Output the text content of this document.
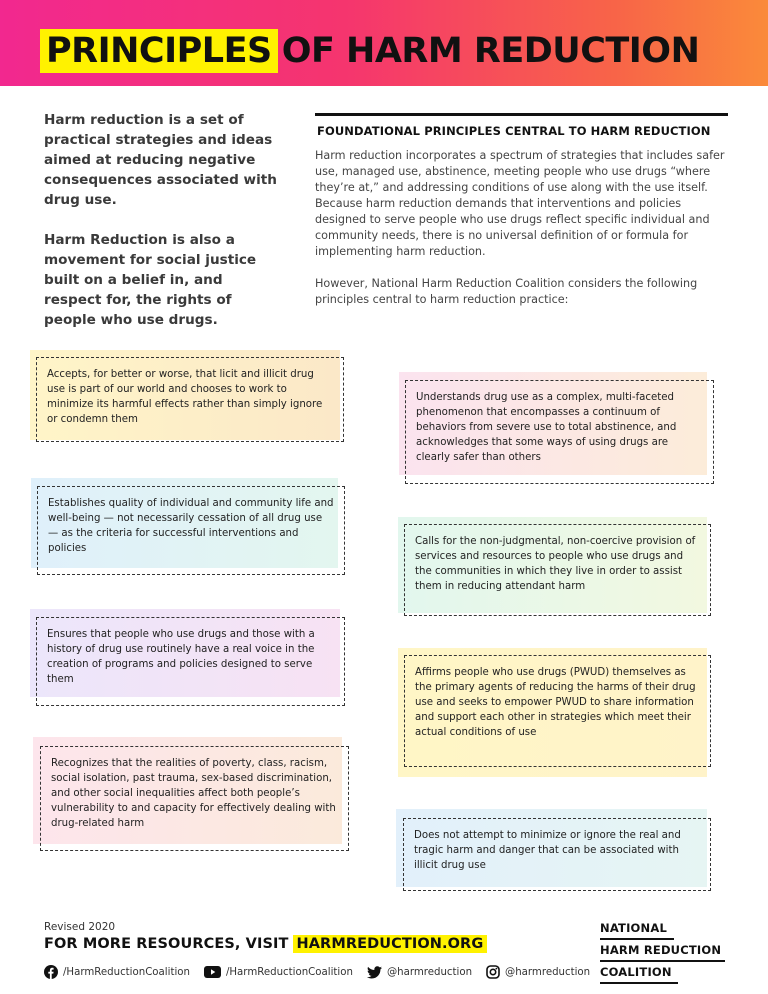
PRINCIPLES OF HARM REDUCTION

Harm reduction is a set of practical strategies and ideas aimed at reducing negative consequences associated with drug use.

Harm Reduction is also a movement for social justice built on a belief in, and respect for, the rights of people who use drugs.

FOUNDATIONAL PRINCIPLES CENTRAL TO HARM REDUCTION

Harm reduction incorporates a spectrum of strategies that includes safer use, managed use, abstinence, meeting people who use drugs “where they’re at,” and addressing conditions of use along with the use itself. Because harm reduction demands that interventions and policies designed to serve people who use drugs reflect specific individual and community needs, there is no universal definition of or formula for implementing harm reduction.

However, National Harm Reduction Coalition considers the following principles central to harm reduction practice:

Accepts, for better or worse, that licit and illicit drug use is part of our world and chooses to work to minimize its harmful effects rather than simply ignore or condemn them
Understands drug use as a complex, multi-faceted phenomenon that encompasses a continuum of behaviors from severe use to total abstinence, and acknowledges that some ways of using drugs are clearly safer than others
Establishes quality of individual and community life and well-being — not necessarily cessation of all drug use — as the criteria for successful interventions and policies
Calls for the non-judgmental, non-coercive provision of services and resources to people who use drugs and the communities in which they live in order to assist them in reducing attendant harm
Ensures that people who use drugs and those with a history of drug use routinely have a real voice in the creation of programs and policies designed to serve them
Affirms people who use drugs (PWUD) themselves as the primary agents of reducing the harms of their drug use and seeks to empower PWUD to share information and support each other in strategies which meet their actual conditions of use
Recognizes that the realities of poverty, class, racism, social isolation, past trauma, sex-based discrimination, and other social inequalities affect both people’s vulnerability to and capacity for effectively dealing with drug-related harm
Does not attempt to minimize or ignore the real and tragic harm and danger that can be associated with illicit drug use
Revised 2020
FOR MORE RESOURCES, VISIT HARMREDUCTION.ORG
/HarmReductionCoalition	/HarmReductionCoalition	@harmreduction	@harmreduction
NATIONAL
HARM REDUCTION
COALITION
